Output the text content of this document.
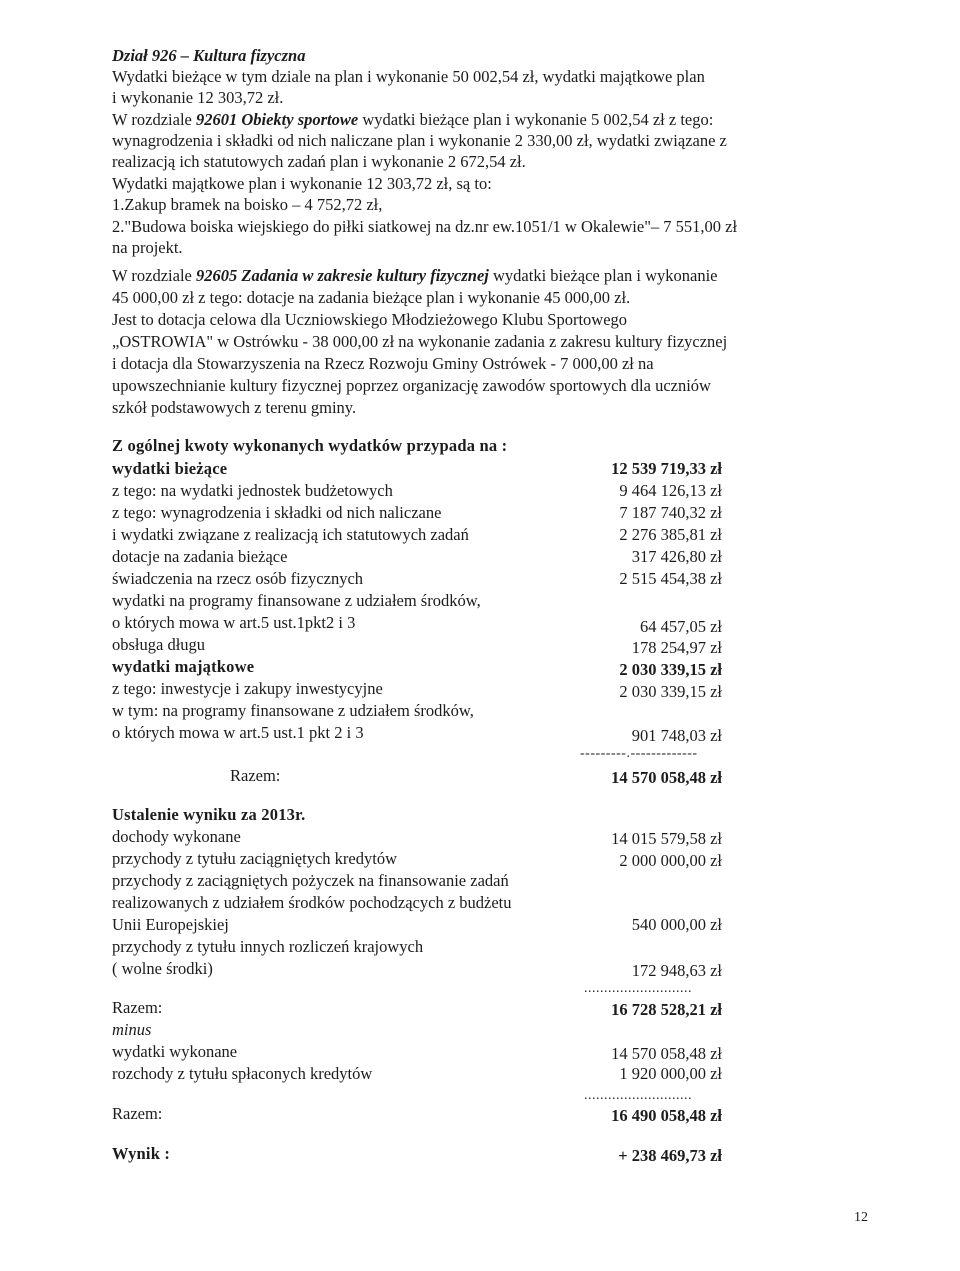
Dział 926 – Kultura fizyczna
Wydatki bieżące w tym dziale na plan i wykonanie 50 002,54 zł, wydatki majątkowe plan
i wykonanie 12 303,72 zł.
W rozdziale 92601 Obiekty sportowe wydatki bieżące plan i wykonanie 5 002,54 zł z tego:
wynagrodzenia i składki od nich naliczane plan i wykonanie 2 330,00 zł, wydatki związane z
realizacją ich statutowych zadań plan i wykonanie 2 672,54 zł.
Wydatki majątkowe plan i wykonanie 12 303,72 zł, są to:
1.Zakup bramek na boisko – 4 752,72 zł,
2."Budowa boiska wiejskiego do piłki siatkowej na dz.nr ew.1051/1 w Okalewie"– 7 551,00 zł
na projekt.
W rozdziale 92605 Zadania w zakresie kultury fizycznej wydatki bieżące plan i wykonanie
45 000,00 zł z tego: dotacje na zadania bieżące plan i wykonanie 45 000,00 zł.
Jest to dotacja celowa dla Uczniowskiego Młodzieżowego Klubu Sportowego
„OSTROWIA" w Ostrówku - 38 000,00 zł na wykonanie zadania z zakresu kultury fizycznej
i dotacja dla Stowarzyszenia na Rzecz Rozwoju Gminy Ostrówek - 7 000,00 zł na
upowszechnianie kultury fizycznej poprzez organizację zawodów sportowych dla uczniów
szkół podstawowych z terenu gminy.
Z ogólnej kwoty wykonanych wydatków przypada na :
wydatki bieżące	12 539 719,33 zł
z tego: na wydatki jednostek budżetowych	9 464 126,13 zł
z tego: wynagrodzenia i składki od nich naliczane	7 187 740,32 zł
i wydatki związane z realizacją ich statutowych zadań	2 276 385,81 zł
dotacje na zadania bieżące	317 426,80 zł
świadczenia na rzecz osób fizycznych	2 515 454,38 zł
wydatki na programy finansowane z udziałem środków,
o których mowa w art.5 ust.1pkt2 i 3	64 457,05 zł
obsługa długu	178 254,97 zł
wydatki majątkowe	2 030 339,15 zł
z tego: inwestycje i zakupy inwestycyjne	2 030 339,15 zł
w tym: na programy finansowane z udziałem środków,
o których mowa w art.5 ust.1 pkt 2 i 3	901 748,03 zł
---------.-------------
Razem:	14 570 058,48 zł
Ustalenie wyniku za 2013r.
dochody wykonane	14 015 579,58 zł
przychody z tytułu zaciągniętych kredytów	2 000 000,00 zł
przychody z zaciągniętych pożyczek na finansowanie zadań
realizowanych z udziałem środków pochodzących z budżetu
Unii Europejskiej	540 000,00 zł
przychody z tytułu innych rozliczeń krajowych
( wolne środki)	172 948,63 zł
...........................
Razem:	16 728 528,21 zł
minus
wydatki wykonane	14 570 058,48 zł
rozchody z tytułu spłaconych kredytów	1 920 000,00 zł
...........................
Razem:	16 490 058,48 zł
Wynik :	+ 238 469,73 zł
12
